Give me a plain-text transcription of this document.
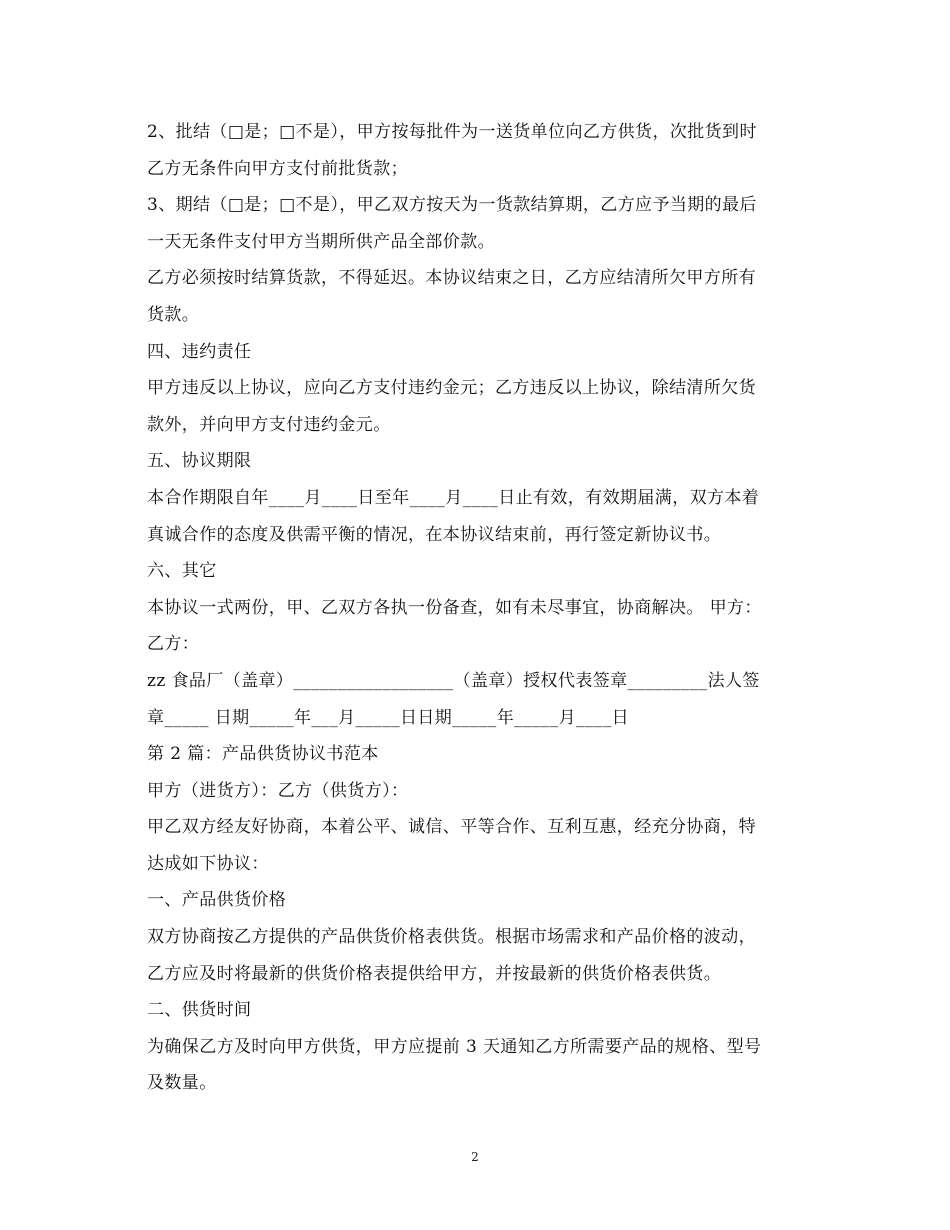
2、批结（□是；□不是），甲方按每批件为一送货单位向乙方供货，次批货到时
乙方无条件向甲方支付前批货款；
3、期结（□是；□不是），甲乙双方按天为一货款结算期，乙方应予当期的最后
一天无条件支付甲方当期所供产品全部价款。
乙方必须按时结算货款，不得延迟。本协议结束之日，乙方应结清所欠甲方所有
货款。
四、违约责任
甲方违反以上协议，应向乙方支付违约金元；乙方违反以上协议，除结清所欠货
款外，并向甲方支付违约金元。
五、协议期限
本合作期限自年____月____日至年____月____日止有效，有效期届满，双方本着
真诚合作的态度及供需平衡的情况，在本协议结束前，再行签定新协议书。
六、其它
本协议一式两份，甲、乙双方各执一份备查，如有未尽事宜，协商解决。 甲方：
乙方：
zz 食品厂（盖章）__________________（盖章）授权代表签章_________法人签
章_____ 日期_____年___月_____日日期_____年_____月____日
第 2 篇：产品供货协议书范本
甲方（进货方）：乙方（供货方）：
甲乙双方经友好协商，本着公平、诚信、平等合作、互利互惠，经充分协商，特
达成如下协议：
一、产品供货价格
双方协商按乙方提供的产品供货价格表供货。根据市场需求和产品价格的波动，
乙方应及时将最新的供货价格表提供给甲方，并按最新的供货价格表供货。
二、供货时间
为确保乙方及时向甲方供货，甲方应提前 3 天通知乙方所需要产品的规格、型号
及数量。
2
